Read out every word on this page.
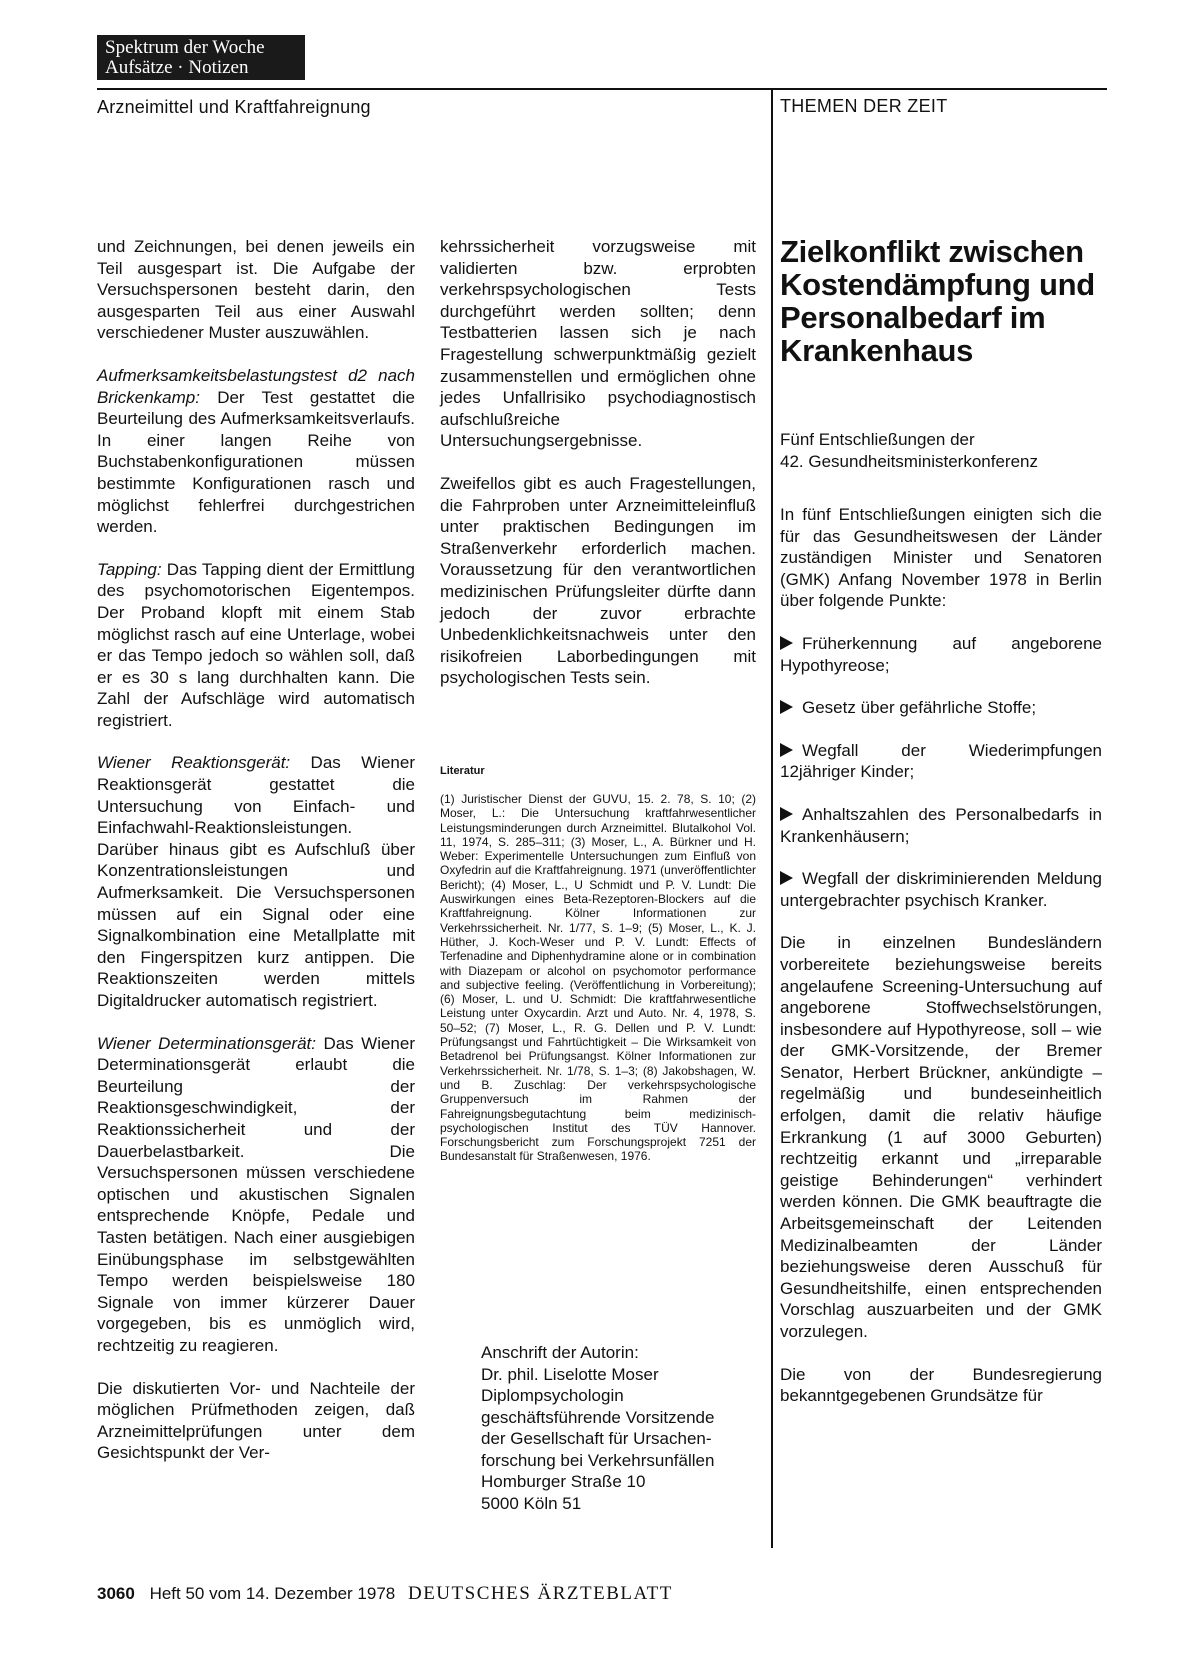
Spektrum der Woche
Aufsätze · Notizen
Arzneimittel und Kraftfahreignung	THEMEN DER ZEIT

und Zeichnungen, bei denen jeweils ein Teil ausgespart ist. Die Aufgabe der Versuchspersonen besteht darin, den ausgesparten Teil aus einer Auswahl verschiedener Muster auszuwählen.

Aufmerksamkeitsbelastungstest d2 nach Brickenkamp: Der Test gestattet die Beurteilung des Aufmerksamkeitsverlaufs. In einer langen Reihe von Buchstabenkonfigurationen müssen bestimmte Konfigurationen rasch und möglichst fehlerfrei durchgestrichen werden.

Tapping: Das Tapping dient der Ermittlung des psychomotorischen Eigentempos. Der Proband klopft mit einem Stab möglichst rasch auf eine Unterlage, wobei er das Tempo jedoch so wählen soll, daß er es 30 s lang durchhalten kann. Die Zahl der Aufschläge wird automatisch registriert.

Wiener Reaktionsgerät: Das Wiener Reaktionsgerät gestattet die Untersuchung von Einfach- und Einfachwahl-Reaktionsleistungen. Darüber hinaus gibt es Aufschluß über Konzentrationsleistungen und Aufmerksamkeit. Die Versuchspersonen müssen auf ein Signal oder eine Signalkombination eine Metallplatte mit den Fingerspitzen kurz antippen. Die Reaktionszeiten werden mittels Digitaldrucker automatisch registriert.

Wiener Determinationsgerät: Das Wiener Determinationsgerät erlaubt die Beurteilung der Reaktionsgeschwindigkeit, der Reaktionssicherheit und der Dauerbelastbarkeit. Die Versuchspersonen müssen verschiedene optischen und akustischen Signalen entsprechende Knöpfe, Pedale und Tasten betätigen. Nach einer ausgiebigen Einübungsphase im selbstgewählten Tempo werden beispielsweise 180 Signale von immer kürzerer Dauer vorgegeben, bis es unmöglich wird, rechtzeitig zu reagieren.

Die diskutierten Vor- und Nachteile der möglichen Prüfmethoden zeigen, daß Arzneimittelprüfungen unter dem Gesichtspunkt der Ver-

kehrssicherheit vorzugsweise mit validierten bzw. erprobten verkehrspsychologischen Tests durchgeführt werden sollten; denn Testbatterien lassen sich je nach Fragestellung schwerpunktmäßig gezielt zusammenstellen und ermöglichen ohne jedes Unfallrisiko psychodiagnostisch aufschlußreiche Untersuchungsergebnisse.

Zweifellos gibt es auch Fragestellungen, die Fahrproben unter Arzneimitteleinfluß unter praktischen Bedingungen im Straßenverkehr erforderlich machen. Voraussetzung für den verantwortlichen medizinischen Prüfungsleiter dürfte dann jedoch der zuvor erbrachte Unbedenklichkeitsnachweis unter den risikofreien Laborbedingungen mit psychologischen Tests sein.

Literatur

(1) Juristischer Dienst der GUVU, 15. 2. 78, S. 10; (2) Moser, L.: Die Untersuchung kraftfahrwesentlicher Leistungsminderungen durch Arzneimittel. Blutalkohol Vol. 11, 1974, S. 285–311; (3) Moser, L., A. Bürkner und H. Weber: Experimentelle Untersuchungen zum Einfluß von Oxyfedrin auf die Kraftfahreignung. 1971 (unveröffentlichter Bericht); (4) Moser, L., U Schmidt und P. V. Lundt: Die Auswirkungen eines Beta-Rezeptoren-Blockers auf die Kraftfahreignung. Kölner Informationen zur Verkehrssicherheit. Nr. 1/77, S. 1–9; (5) Moser, L., K. J. Hüther, J. Koch-Weser und P. V. Lundt: Effects of Terfenadine and Diphenhydramine alone or in combination with Diazepam or alcohol on psychomotor performance and subjective feeling. (Veröffentlichung in Vorbereitung); (6) Moser, L. und U. Schmidt: Die kraftfahrwesentliche Leistung unter Oxycardin. Arzt und Auto. Nr. 4, 1978, S. 50–52; (7) Moser, L., R. G. Dellen und P. V. Lundt: Prüfungsangst und Fahrtüchtigkeit – Die Wirksamkeit von Betadrenol bei Prüfungsangst. Kölner Informationen zur Verkehrssicherheit. Nr. 1/78, S. 1–3; (8) Jakobshagen, W. und B. Zuschlag: Der verkehrspsychologische Gruppenversuch im Rahmen der Fahreignungsbegutachtung beim medizinisch-psychologischen Institut des TÜV Hannover. Forschungsbericht zum Forschungsprojekt 7251 der Bundesanstalt für Straßenwesen, 1976.

Anschrift der Autorin:
Dr. phil. Liselotte Moser
Diplompsychologin
geschäftsführende Vorsitzende
der Gesellschaft für Ursachen-
forschung bei Verkehrsunfällen
Homburger Straße 10
5000 Köln 51
Zielkonflikt zwischen Kostendämpfung und Personalbedarf im Krankenhaus
Fünf Entschließungen der
42. Gesundheitsministerkonferenz

In fünf Entschließungen einigten sich die für das Gesundheitswesen der Länder zuständigen Minister und Senatoren (GMK) Anfang November 1978 in Berlin über folgende Punkte:

Früherkennung auf angeborene Hypothyreose;

Gesetz über gefährliche Stoffe;

Wegfall der Wiederimpfungen 12jähriger Kinder;

Anhaltszahlen des Personalbedarfs in Krankenhäusern;

Wegfall der diskriminierenden Meldung untergebrachter psychisch Kranker.

Die in einzelnen Bundesländern vorbereitete beziehungsweise bereits angelaufene Screening-Untersuchung auf angeborene Stoffwechselstörungen, insbesondere auf Hypothyreose, soll – wie der GMK-Vorsitzende, der Bremer Senator, Herbert Brückner, ankündigte – regelmäßig und bundeseinheitlich erfolgen, damit die relativ häufige Erkrankung (1 auf 3000 Geburten) rechtzeitig erkannt und „irreparable geistige Behinderungen“ verhindert werden können. Die GMK beauftragte die Arbeitsgemeinschaft der Leitenden Medizinalbeamten der Länder beziehungsweise deren Ausschuß für Gesundheitshilfe, einen entsprechenden Vorschlag auszuarbeiten und der GMK vorzulegen.

Die von der Bundesregierung bekanntgegebenen Grundsätze für

3060 Heft 50 vom 14. Dezember 1978 DEUTSCHES ÄRZTEBLATT
